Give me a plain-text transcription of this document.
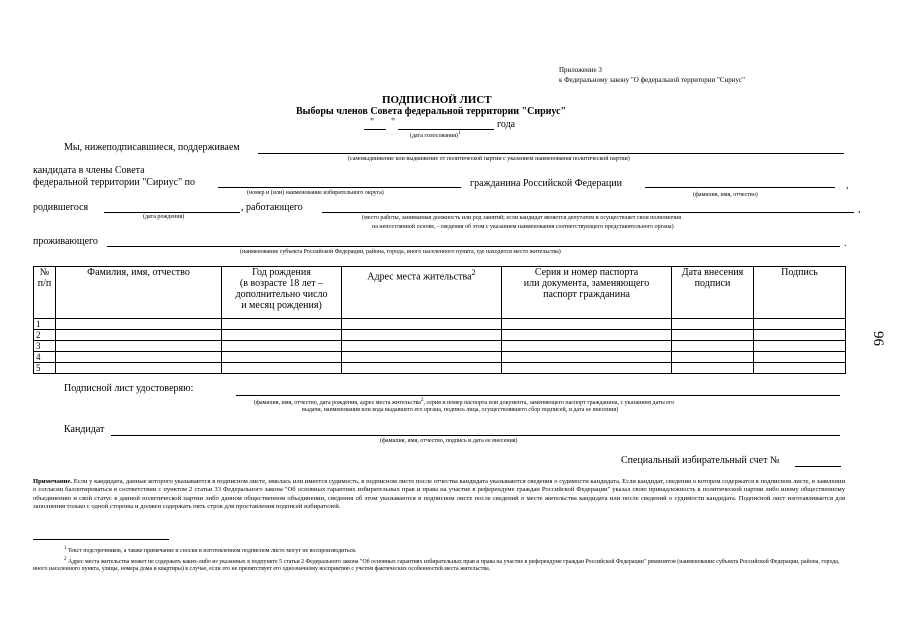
Приложение 3
к Федеральному закону "О федеральной территории "Сириус"
ПОДПИСНОЙ ЛИСТ
Выборы членов Совета федеральной территории "Сириус"
" "	года
(дата голосования)$^1$
Мы, нижеподписавшиеся, поддерживаем
(самовыдвижение или выдвижение от политической партии с указанием наименования политической партии)
кандидата в члены Совета
федеральной территории "Сириус" по
(номер и (или) наименование избирательного округа)
гражданина Российской Федерации	,
(фамилия, имя, отчество)
родившегося
(дата рождения)
, работающего	,
(место работы, занимаемая должность или род занятий; если кандидат является депутатом и осуществляет свои полномочия
на непостоянной основе, - сведения об этом с указанием наименования соответствующего представительного органа)
проживающего	.
(наименование субъекта Российской Федерации, района, города, иного населенного пункта, где находится место жительства)
№
п/п	Фамилия, имя, отчество	Год рождения
(в возрасте 18 лет –
дополнительно число
и месяц рождения)	Адрес места жительства$^2$	Серия и номер паспорта
или документа, заменяющего
паспорт гражданина	Дата внесения
подписи	Подпись
1						
2						
3						
4						
5						
Подписной лист удостоверяю:
(фамилия, имя, отчество, дата рождения, адрес места жительства$^2$, серия и номер паспорта или документа, заменяющего паспорт гражданина, с указанием даты его
выдачи, наименования или кода выдавшего его органа, подпись лица, осуществлявшего сбор подписей, и дата ее внесения)
Кандидат
(фамилия, имя, отчество, подпись и дата ее внесения)
Специальный избирательный счет №
Примечание. Если у кандидата, данные которого указываются в подписном листе, имелась или имеется судимость, в подписном листе после отчества кандидата указываются сведения о судимости кандидата. Если кандидат, сведения о котором содержатся в подписном листе, в заявлении о согласии баллотироваться в соответствии с пунктом 2 статьи 33 Федерального закона "Об основных гарантиях избирательных прав и права на участие в референдуме граждан Российской Федерации" указал свою принадлежность к политической партии либо иному общественному объединению и свой статус в данной политической партии либо данном общественном объединении, сведения об этом указываются в подписном листе после сведений о месте жительства кандидата или после сведений о судимости кандидата. Подписной лист изготавливается для заполнения только с одной стороны и должен содержать пять строк для проставления подписей избирателей.
$^1$ Текст подстрочников, а также примечание и сноски в изготовленном подписном листе могут не воспроизводиться.
$^2$ Адрес места жительства может не содержать каких-либо из указанных в подпункте 5 статьи 2 Федерального закона "Об основных гарантиях избирательных прав и права на участие в референдуме граждан Российской Федерации" реквизитов (наименование субъекта Российской Федерации, района, города, иного населенного пункта, улицы, номера дома и квартиры) в случае, если это не препятствует его однозначному восприятию с учетом фактических особенностей места жительства.
96
